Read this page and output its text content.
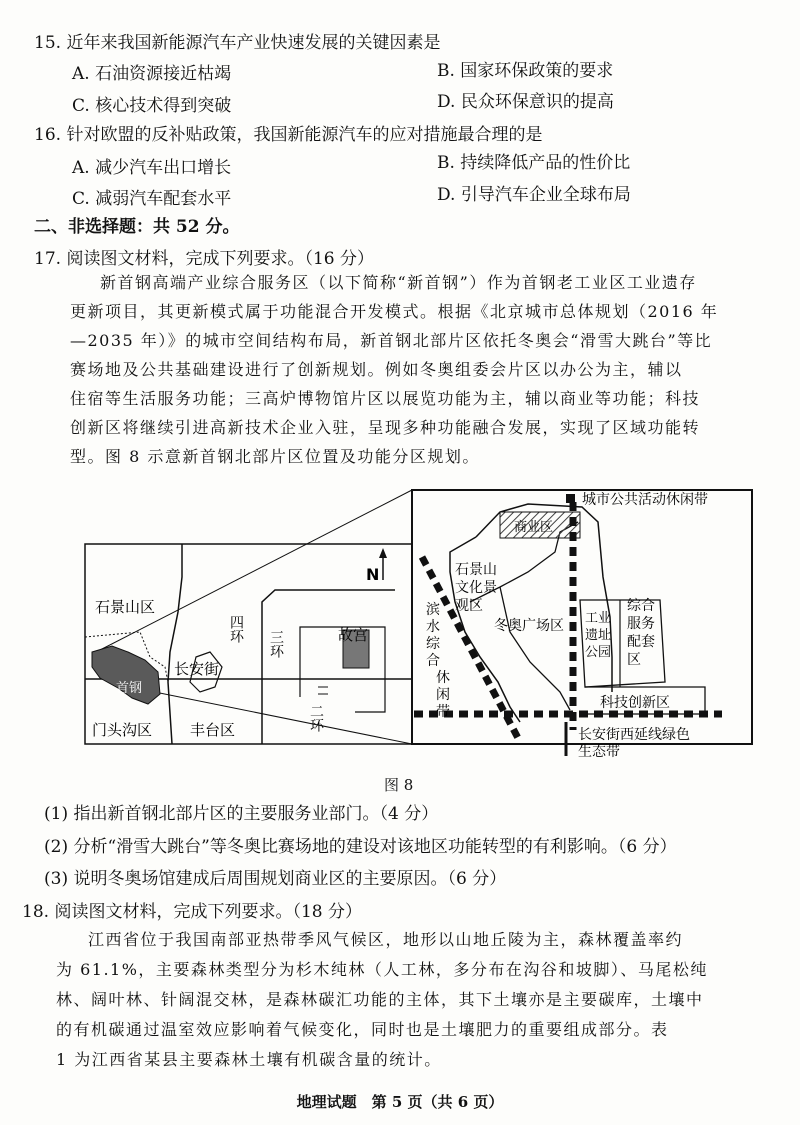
15. 近年来我国新能源汽车产业快速发展的关键因素是
A. 石油资源接近枯竭	B. 国家环保政策的要求
C. 核心技术得到突破	D. 民众环保意识的提高
16. 针对欧盟的反补贴政策，我国新能源汽车的应对措施最合理的是
A. 减少汽车出口增长	B. 持续降低产品的性价比
C. 减弱汽车配套水平	D. 引导汽车企业全球布局
二、非选择题：共 52 分。
17. 阅读图文材料，完成下列要求。（16 分）
新首钢高端产业综合服务区（以下简称“新首钢”）作为首钢老工业区工业遗存
更新项目，其更新模式属于功能混合开发模式。根据《北京城市总体规划（2016 年
—2035 年）》的城市空间结构布局，新首钢北部片区依托冬奥会“滑雪大跳台”等比
赛场地及公共基础建设进行了创新规划。例如冬奥组委会片区以办公为主，辅以
住宿等生活服务功能；三高炉博物馆片区以展览功能为主，辅以商业等功能；科技
创新区将继续引进高新技术企业入驻，呈现多种功能融合发展，实现了区域功能转
型。图 8 示意新首钢北部片区位置及功能分区规划。
N
石景山区
四环
三环	故宫
长安街
首钢
二环
门头沟区	丰台区
城市公共活动休闲带
商业区
石景山文化景观区
滨水综合休闲带
冬奥广场区 工业遗址公园
综合服务配套区
科技创新区
长安街西延线绿色生态带
图 8
(1) 指出新首钢北部片区的主要服务业部门。（4 分）
(2) 分析“滑雪大跳台”等冬奥比赛场地的建设对该地区功能转型的有利影响。（6 分）
(3) 说明冬奥场馆建成后周围规划商业区的主要原因。（6 分）
18. 阅读图文材料，完成下列要求。（18 分）
江西省位于我国南部亚热带季风气候区，地形以山地丘陵为主，森林覆盖率约
为 61.1%，主要森林类型分为杉木纯林（人工林，多分布在沟谷和坡脚）、马尾松纯
林、阔叶林、针阔混交林，是森林碳汇功能的主体，其下土壤亦是主要碳库，土壤中
的有机碳通过温室效应影响着气候变化，同时也是土壤肥力的重要组成部分。表
1 为江西省某县主要森林土壤有机碳含量的统计。
地理试题　第 5 页（共 6 页）
